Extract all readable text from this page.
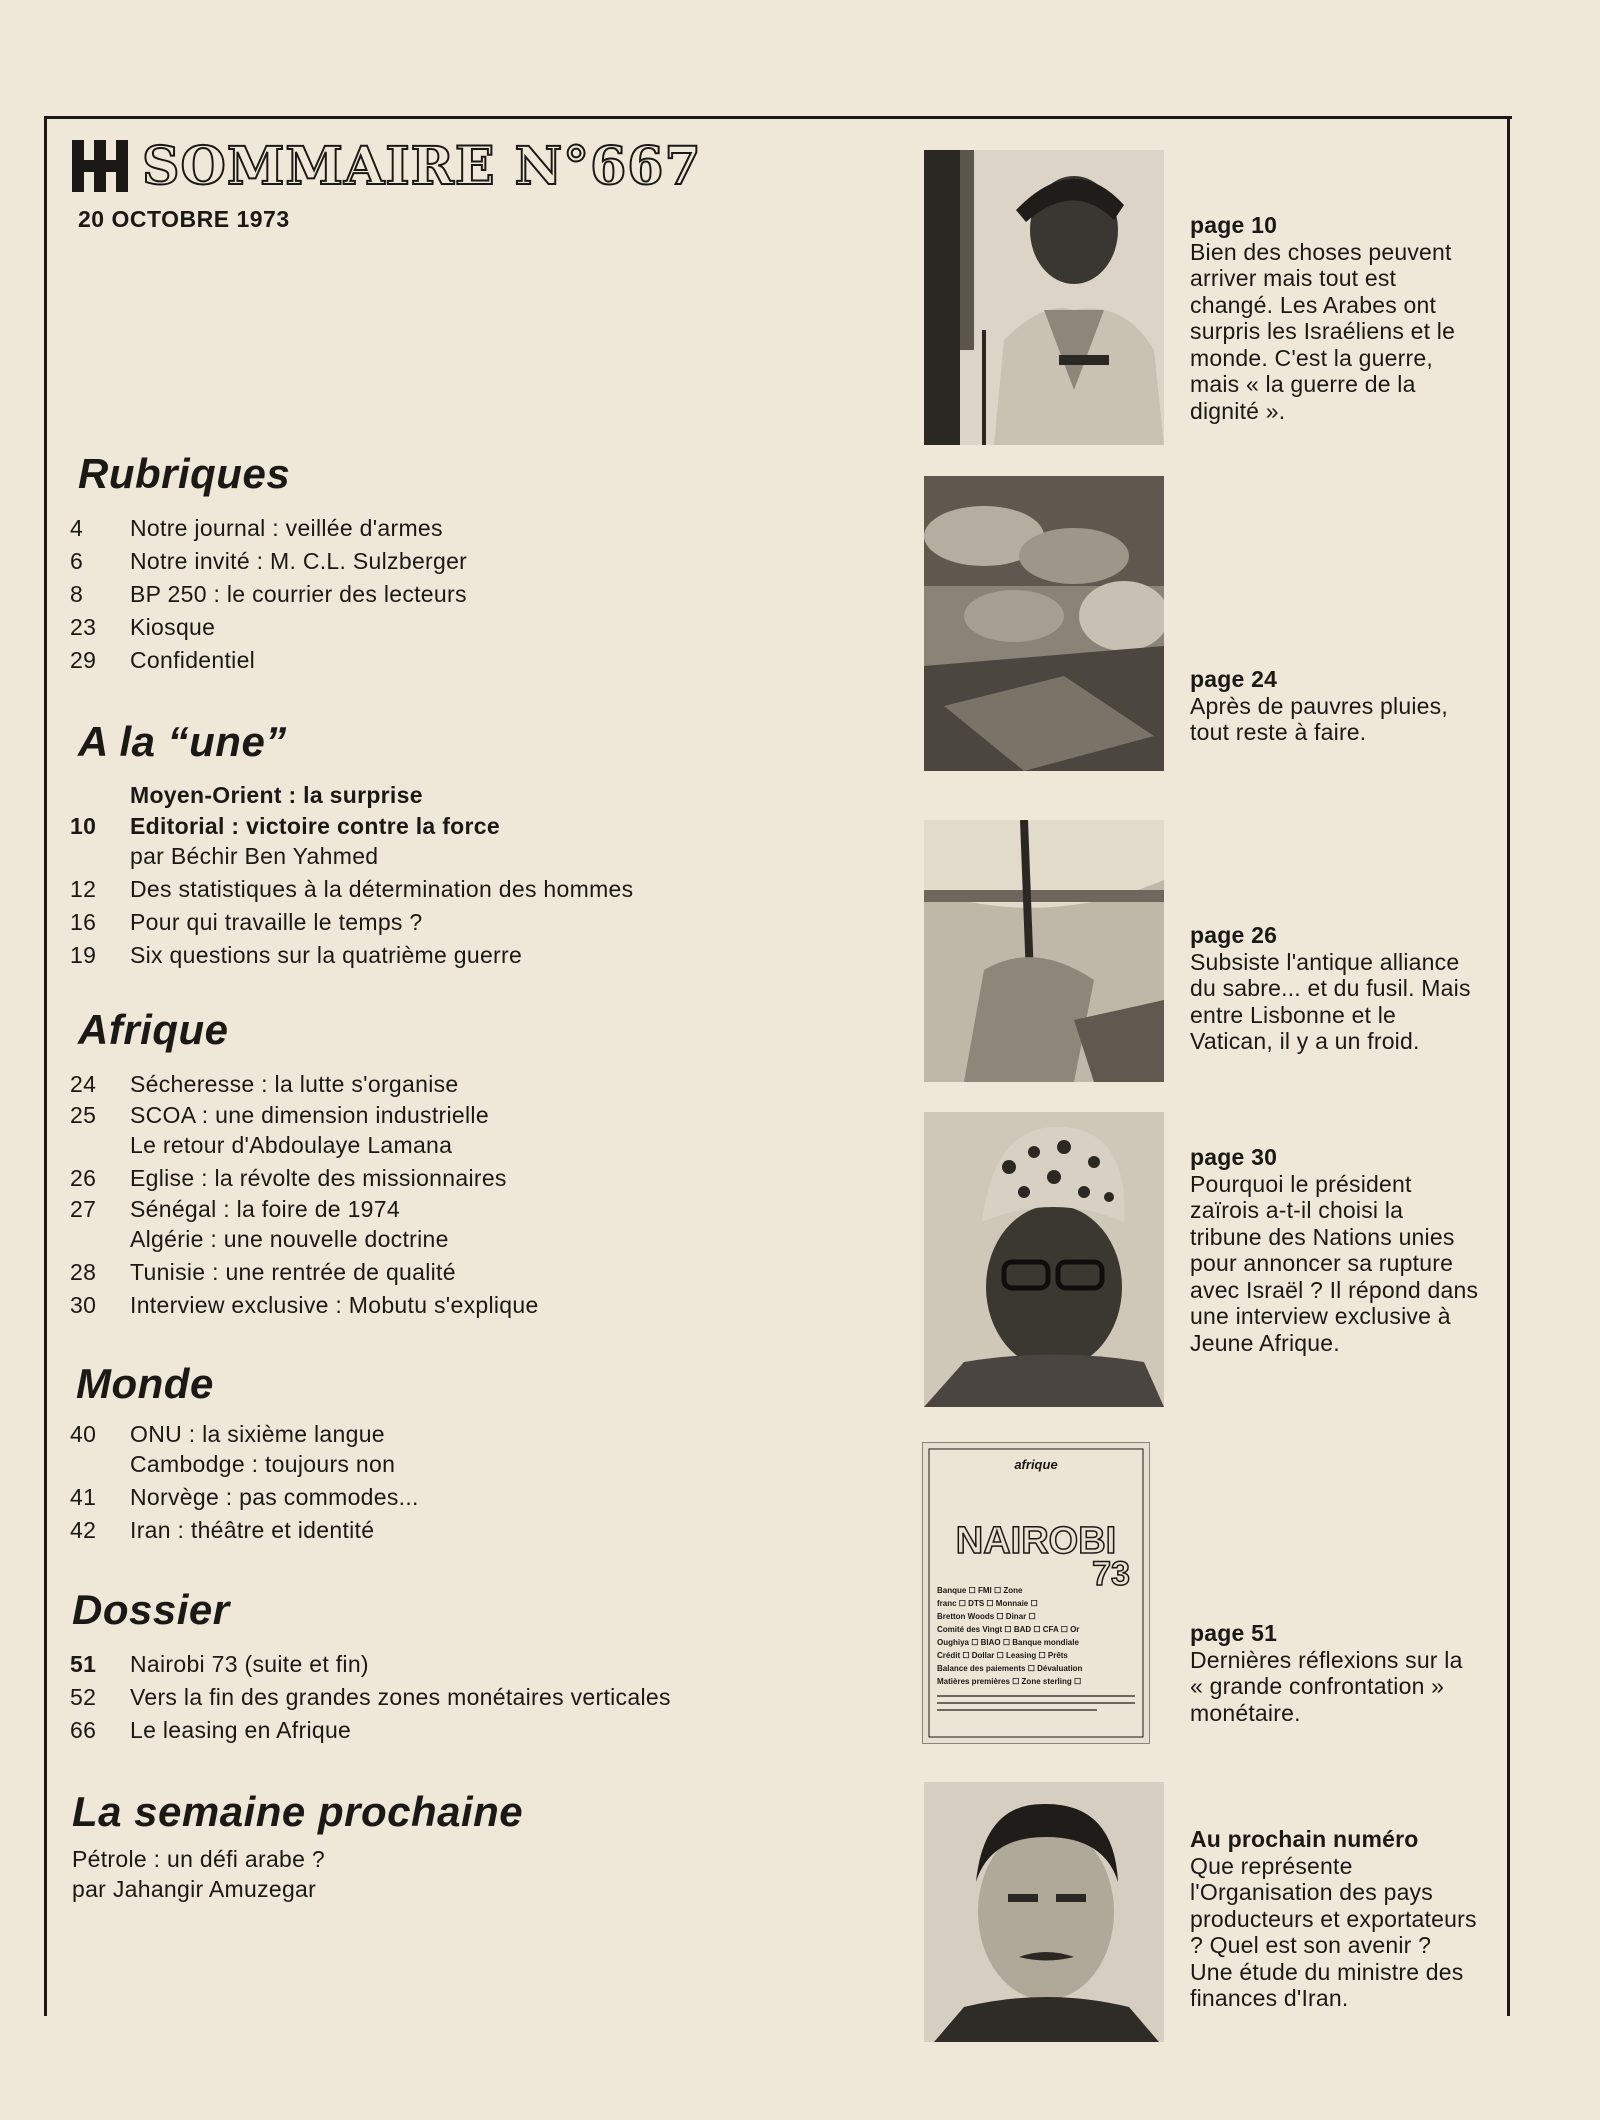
SOMMAIRE N°667
20 OCTOBRE 1973
Rubriques
4	Notre journal : veillée d'armes
6	Notre invité : M. C.L. Sulzberger
8	BP 250 : le courrier des lecteurs
23	Kiosque
29	Confidentiel
A la “une”
Moyen-Orient : la surprise
10	Editorial : victoire contre la force
par Béchir Ben Yahmed
12	Des statistiques à la détermination des hommes
16	Pour qui travaille le temps ?
19	Six questions sur la quatrième guerre
Afrique
24	Sécheresse : la lutte s'organise
25	SCOA : une dimension industrielle
Le retour d'Abdoulaye Lamana
26	Eglise : la révolte des missionnaires
27	Sénégal : la foire de 1974
Algérie : une nouvelle doctrine
28	Tunisie : une rentrée de qualité
30	Interview exclusive : Mobutu s'explique
Monde
40	ONU : la sixième langue
Cambodge : toujours non
41	Norvège : pas commodes...
42	Iran : théâtre et identité
Dossier
51	Nairobi 73 (suite et fin)
52	Vers la fin des grandes zones monétaires verticales
66	Le leasing en Afrique
La semaine prochaine
Pétrole : un défi arabe ?
par Jahangir Amuzegar
afrique
NAIROBI
73
Banque ☐ FMI ☐ Zone
franc ☐ DTS ☐ Monnaie ☐
Bretton Woods ☐ Dinar ☐
Comité des Vingt ☐ BAD ☐ CFA ☐ Or
Oughiya ☐ BIAO ☐ Banque mondiale
Crédit ☐ Dollar ☐ Leasing ☐ Prêts
Balance des paiements ☐ Dévaluation
Matières premières ☐ Zone sterling ☐
page 10
Bien des choses peuvent arriver mais tout est changé. Les Arabes ont surpris les Israéliens et le monde. C'est la guerre, mais « la guerre de la dignité ».
page 24
Après de pauvres pluies, tout reste à faire.
page 26
Subsiste l'antique alliance du sabre... et du fusil. Mais entre Lisbonne et le Vatican, il y a un froid.
page 30
Pourquoi le président zaïrois a-t-il choisi la tribune des Nations unies pour annoncer sa rupture avec Israël ? Il répond dans une interview exclusive à Jeune Afrique.
page 51
Dernières réflexions sur la « grande confrontation » monétaire.
Au prochain numéro
Que représente l'Organisation des pays producteurs et exportateurs ? Quel est son avenir ? Une étude du ministre des finances d'Iran.
